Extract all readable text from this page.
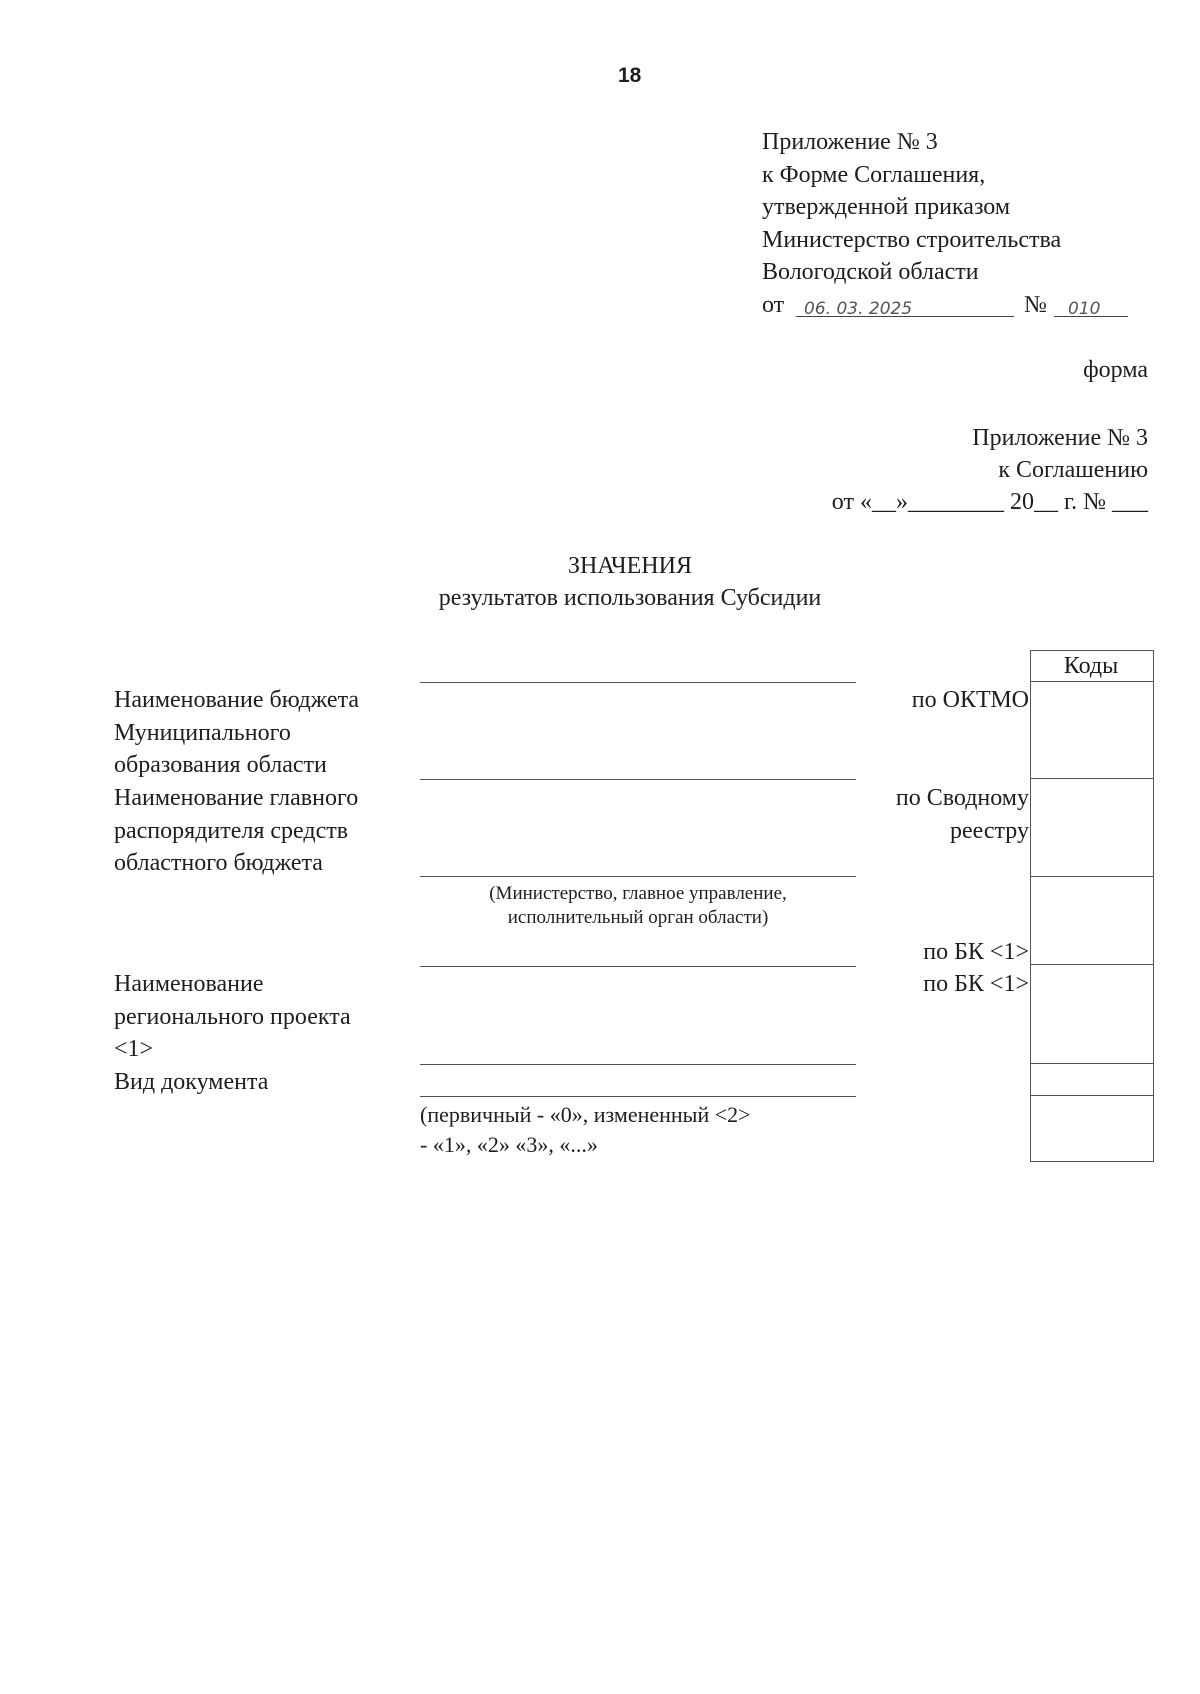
18
Приложение № 3
к Форме Соглашения,
утвержденной приказом
Министерство строительства
Вологодской области
от 06. 03. 2025	№ 010
форма
Приложение № 3
к Соглашению
от «__»________ 20__ г. № ___
ЗНАЧЕНИЯ
результатов использования Субсидии
Коды
Наименование бюджета
Муниципального
образования области
Наименование главного
распорядителя средств
областного бюджета
Наименование
регионального проекта
<1>
Вид документа
по ОКТМО
по Сводному
реестру
по БК <1>
по БК <1>
(Министерство, главное управление,
исполнительный орган области)
(первичный - «0», измененный <2>
- «1», «2» «3», «...»
